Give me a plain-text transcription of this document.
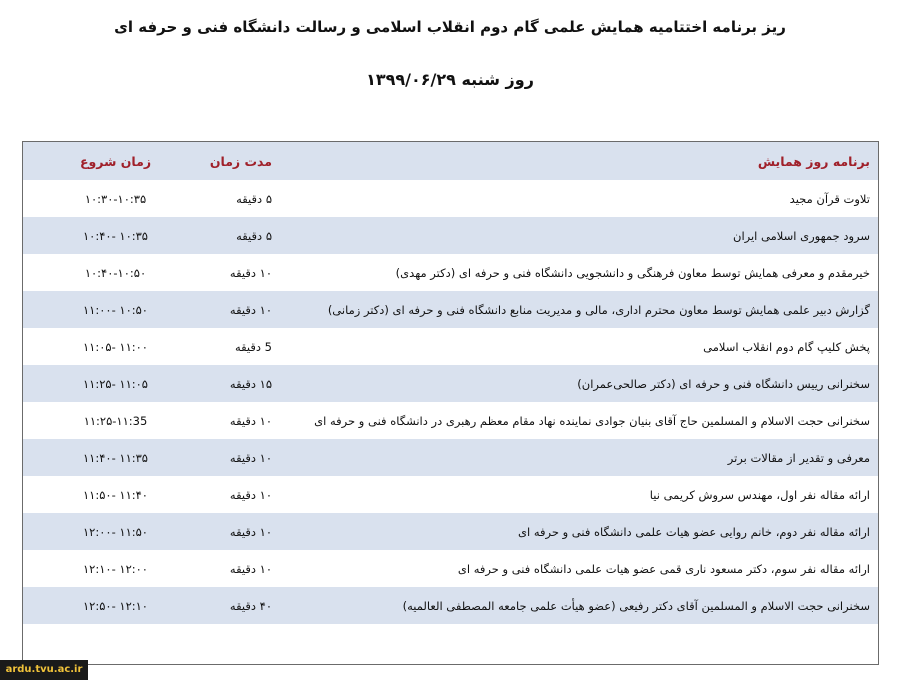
ریز برنامه اختتامیه همایش علمی گام دوم انقلاب اسلامی و رسالت دانشگاه فنی و حرفه ای
روز شنبه ۱۳۹۹/۰۶/۲۹
زمان شروع	مدت زمان	برنامه روز همایش
۱۰:۳۰-۱۰:۳۵	۵ دقیقه	تلاوت قرآن مجید
۱۰:۳۵ -۱۰:۴۰	۵ دقیقه	سرود جمهوری اسلامی ایران
۱۰:۴۰-۱۰:۵۰	۱۰ دقیقه	خیرمقدم و معرفی همایش توسط معاون فرهنگی و دانشجویی دانشگاه فنی و حرفه ای (دکتر مهدی)
۱۰:۵۰ -۱۱:۰۰	۱۰ دقیقه	گزارش دبیر علمی همایش توسط معاون محترم اداری، مالی و مدیریت منابع دانشگاه فنی و حرفه ای (دکتر زمانی)
۱۱:۰۰ -۱۱:۰۵	5 دقیقه	پخش کلیپ گام دوم انقلاب اسلامی
۱۱:۰۵ -۱۱:۲۵	۱۵ دقیقه	سخنرانی رییس دانشگاه فنی و حرفه ای (دکتر صالحی‌عمران)
۱۱:۲۵-۱۱:35	۱۰ دقیقه	سخنرانی حجت الاسلام و المسلمین حاج آقای بنیان جوادی نماینده نهاد مقام معظم رهبری در دانشگاه فنی و حرفه ای
۱۱:۳۵ -۱۱:۴۰	۱۰ دقیقه	معرفی و تقدیر از مقالات برتر
۱۱:۴۰ -۱۱:۵۰	۱۰ دقیقه	ارائه مقاله نفر اول، مهندس سروش کریمی نیا
۱۱:۵۰ -۱۲:۰۰	۱۰ دقیقه	ارائه مقاله نفر دوم، خانم روایی عضو هیات علمی دانشگاه فنی و حرفه ای
۱۲:۰۰ -۱۲:۱۰	۱۰ دقیقه	ارائه مقاله نفر سوم، دکتر مسعود ناری قمی عضو هیات علمی دانشگاه فنی و حرفه ای
۱۲:۱۰ -۱۲:۵۰	۴۰ دقیقه	سخنرانی حجت الاسلام و المسلمین آقای دکتر رفیعی (عضو هیأت علمی جامعه المصطفی العالمیه)

ardu.tvu.ac.ir
